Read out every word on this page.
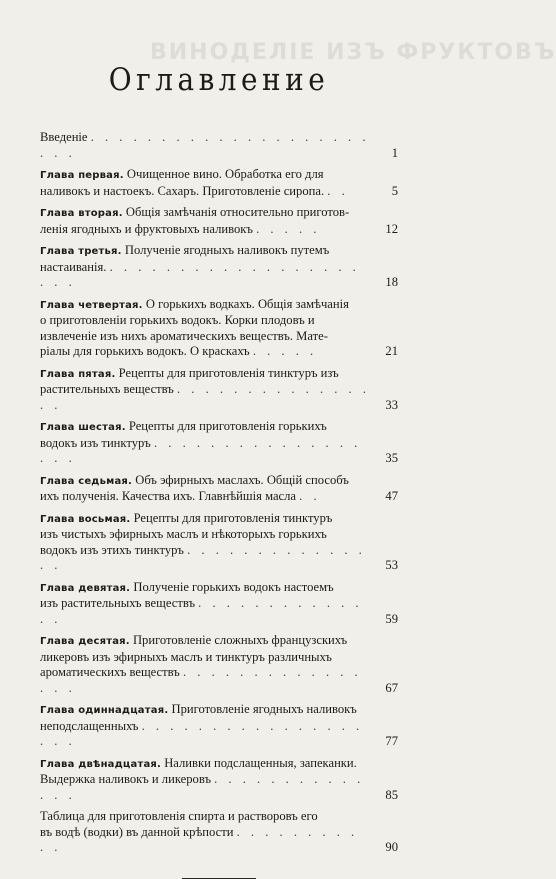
ВИНОДЕЛІЕ ИЗЪ ФРУКТОВЪ
Оглавление
Введеніе . . . . . . . . . . . . . . . . . . . . . . .	1
Глава первая. Очищенное вино. Обработка его для
наливокъ и настоекъ. Сахаръ. Приготовленіе сиропа. . .	5
Глава вторая. Общія замѣчанія относительно приготов-
ленія ягодныхъ и фруктовыхъ наливокъ . . . . .	12
Глава третья. Полученіе ягодныхъ наливокъ путемъ
настаиванія. . . . . . . . . . . . . . . . . . . . . .	18
Глава четвертая. О горькихъ водкахъ. Общія замѣчанія
о приготовленіи горькихъ водокъ. Корки плодовъ и
извлеченіе изъ нихъ ароматическихъ веществъ. Мате-
ріалы для горькихъ водокъ. О краскахъ . . . . .	21
Глава пятая. Рецепты для приготовленія тинктуръ изъ
растительныхъ веществъ . . . . . . . . . . . . . . . .	33
Глава шестая. Рецепты для приготовленія горькихъ
водокъ изъ тинктуръ . . . . . . . . . . . . . . . . . .	35
Глава седьмая. Объ эфирныхъ маслахъ. Общій способъ
ихъ полученія. Качества ихъ. Главнѣйшія масла . .	47
Глава восьмая. Рецепты для приготовленія тинктуръ
изъ чистыхъ эфирныхъ маслъ и нѣкоторыхъ горькихъ
водокъ изъ этихъ тинктуръ . . . . . . . . . . . . . . .	53
Глава девятая. Полученіе горькихъ водокъ настоемъ
изъ растительныхъ веществъ . . . . . . . . . . . . . .	59
Глава десятая. Приготовленіе сложныхъ французскихъ
ликеровъ изъ эфирныхъ маслъ и тинктуръ различныхъ
ароматическихъ веществъ . . . . . . . . . . . . . . . .	67
Глава одиннадцатая. Приготовленіе ягодныхъ наливокъ
неподслащенныхъ . . . . . . . . . . . . . . . . . . .	77
Глава двѣнадцатая. Наливки подслащенныя, запеканки.
Выдержка наливокъ и ликеровъ . . . . . . . . . . . . . .	85
Таблица для приготовленія спирта и растворовъ его
въ водѣ (водки) въ данной крѣпости . . . . . . . . . . .	90
